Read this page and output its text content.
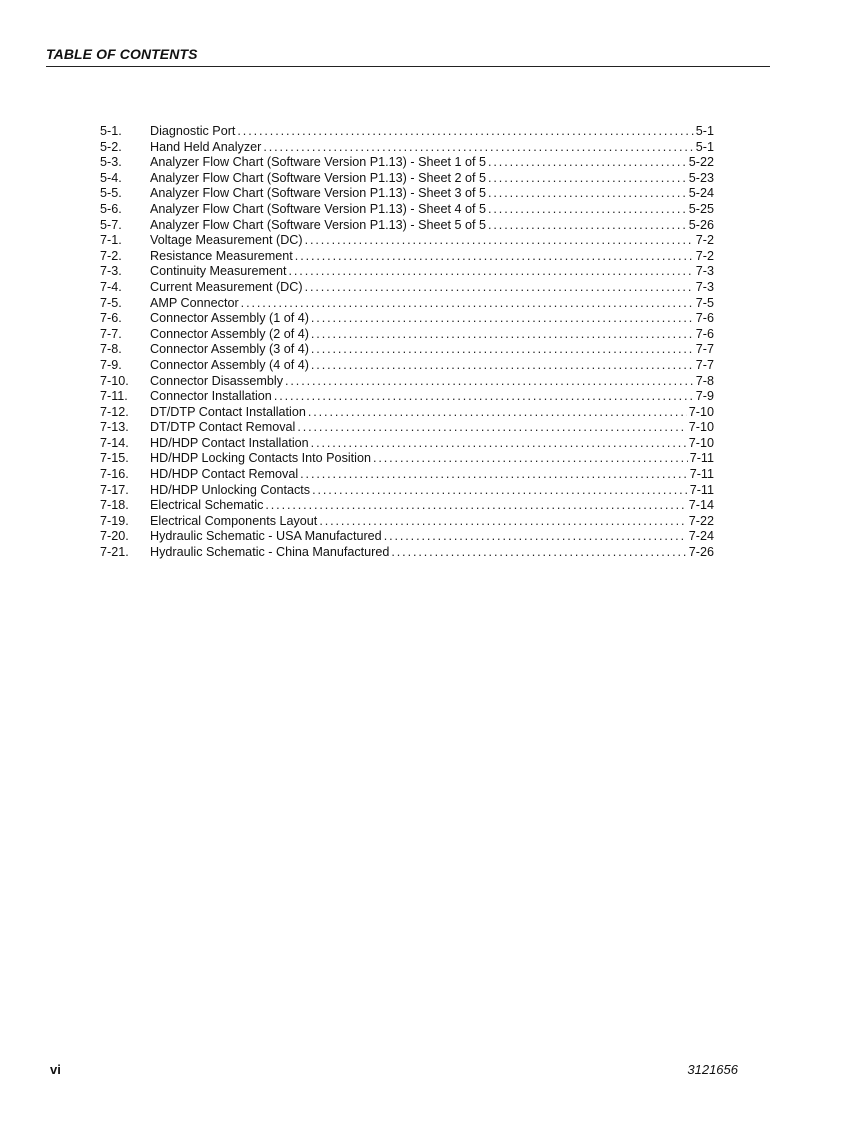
TABLE OF CONTENTS
5-1.	Diagnostic Port . . .	5-1
5-2.	Hand Held Analyzer . . .	5-1
5-3.	Analyzer Flow Chart (Software Version P1.13) - Sheet 1 of 5 . . .	5-22
5-4.	Analyzer Flow Chart (Software Version P1.13) - Sheet 2 of 5 . . .	5-23
5-5.	Analyzer Flow Chart (Software Version P1.13) - Sheet 3 of 5 . . .	5-24
5-6.	Analyzer Flow Chart (Software Version P1.13) - Sheet 4 of 5 . . .	5-25
5-7.	Analyzer Flow Chart (Software Version P1.13) - Sheet 5 of 5 . . .	5-26
7-1.	Voltage Measurement (DC) . . .	7-2
7-2.	Resistance Measurement . . .	7-2
7-3.	Continuity Measurement . . .	7-3
7-4.	Current Measurement (DC) . . .	7-3
7-5.	AMP Connector . . .	7-5
7-6.	Connector Assembly (1 of 4) . . .	7-6
7-7.	Connector Assembly (2 of 4) . . .	7-6
7-8.	Connector Assembly (3 of 4) . . .	7-7
7-9.	Connector Assembly (4 of 4) . . .	7-7
7-10.	Connector Disassembly . . .	7-8
7-11.	Connector Installation . . .	7-9
7-12.	DT/DTP Contact Installation . . .	7-10
7-13.	DT/DTP Contact Removal . . .	7-10
7-14.	HD/HDP Contact Installation . . .	7-10
7-15.	HD/HDP Locking Contacts Into Position . . .	7-11
7-16.	HD/HDP Contact Removal . . .	7-11
7-17.	HD/HDP Unlocking Contacts . . .	7-11
7-18.	Electrical Schematic . . .	7-14
7-19.	Electrical Components Layout . . .	7-22
7-20.	Hydraulic Schematic - USA Manufactured . . .	7-24
7-21.	Hydraulic Schematic - China Manufactured . . .	7-26
vi	3121656
